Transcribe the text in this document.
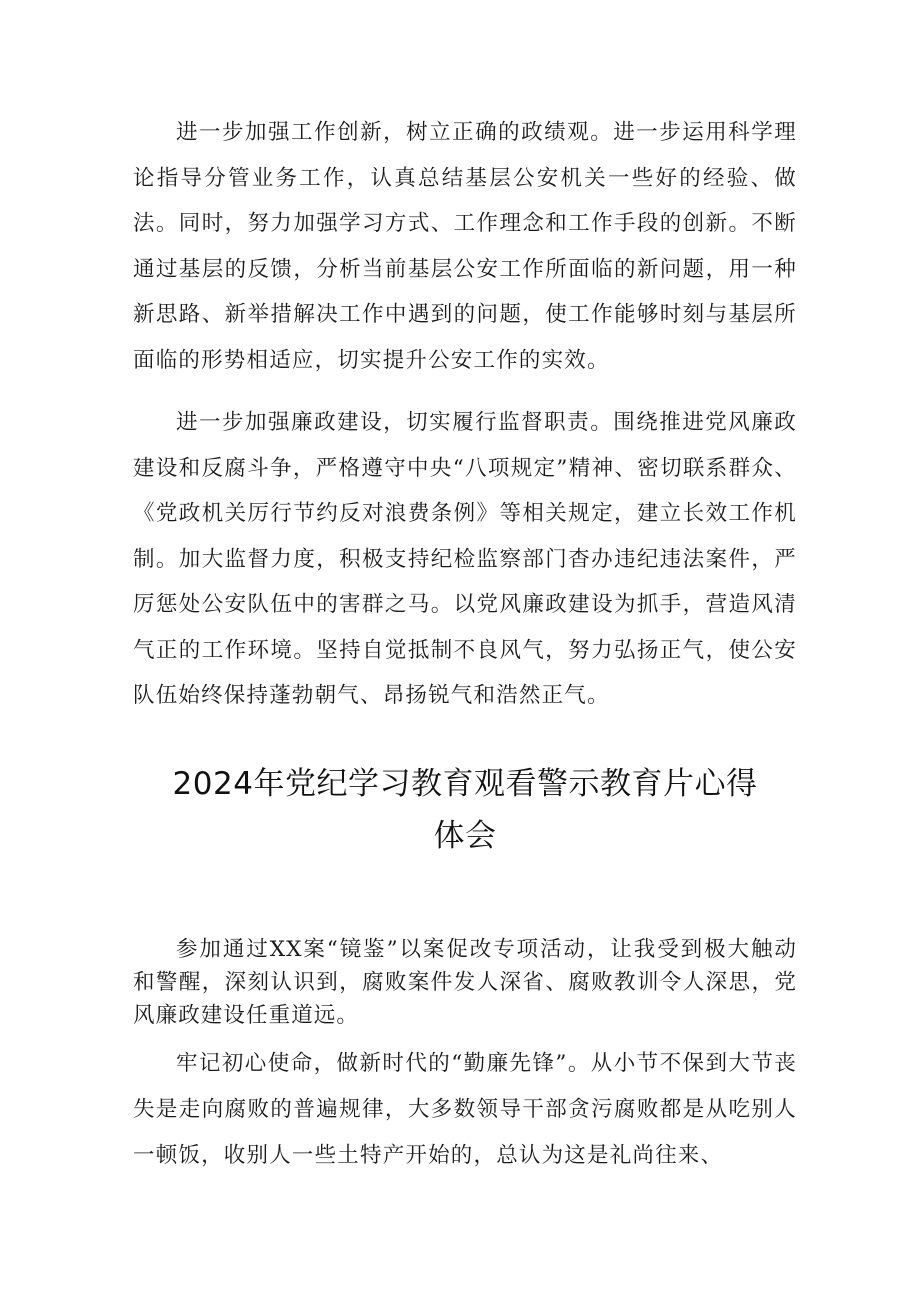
进一步加强工作创新，树立正确的政绩观。进一步运用科学理论指导分管业务工作，认真总结基层公安机关一些好的经验、做法。同时，努力加强学习方式、工作理念和工作手段的创新。不断通过基层的反馈，分析当前基层公安工作所面临的新问题，用一种新思路、新举措解决工作中遇到的问题，使工作能够时刻与基层所面临的形势相适应，切实提升公安工作的实效。

进一步加强廉政建设，切实履行监督职责。围绕推进党风廉政建设和反腐斗争，严格遵守中央“八项规定”精神、密切联系群众、《党政机关厉行节约反对浪费条例》等相关规定，建立长效工作机制。加大监督力度，积极支持纪检监察部门杳办违纪违法案件，严厉惩处公安队伍中的害群之马。以党风廉政建设为抓手，营造风清气正的工作环境。坚持自觉抵制不良风气，努力弘扬正气，使公安队伍始终保持蓬勃朝气、昂扬锐气和浩然正气。

2024年党纪学习教育观看警示教育片心得
体会

参加通过XX案“镜鉴”以案促改专项活动，让我受到极大触动和警醒，深刻认识到，腐败案件发人深省、腐败教训令人深思，党风廉政建设任重道远。

牢记初心使命，做新时代的“勤廉先锋”。从小节不保到大节丧失是走向腐败的普遍规律，大多数领导干部贪污腐败都是从吃别人一顿饭，收别人一些土特产开始的，总认为这是礼尚往来、
